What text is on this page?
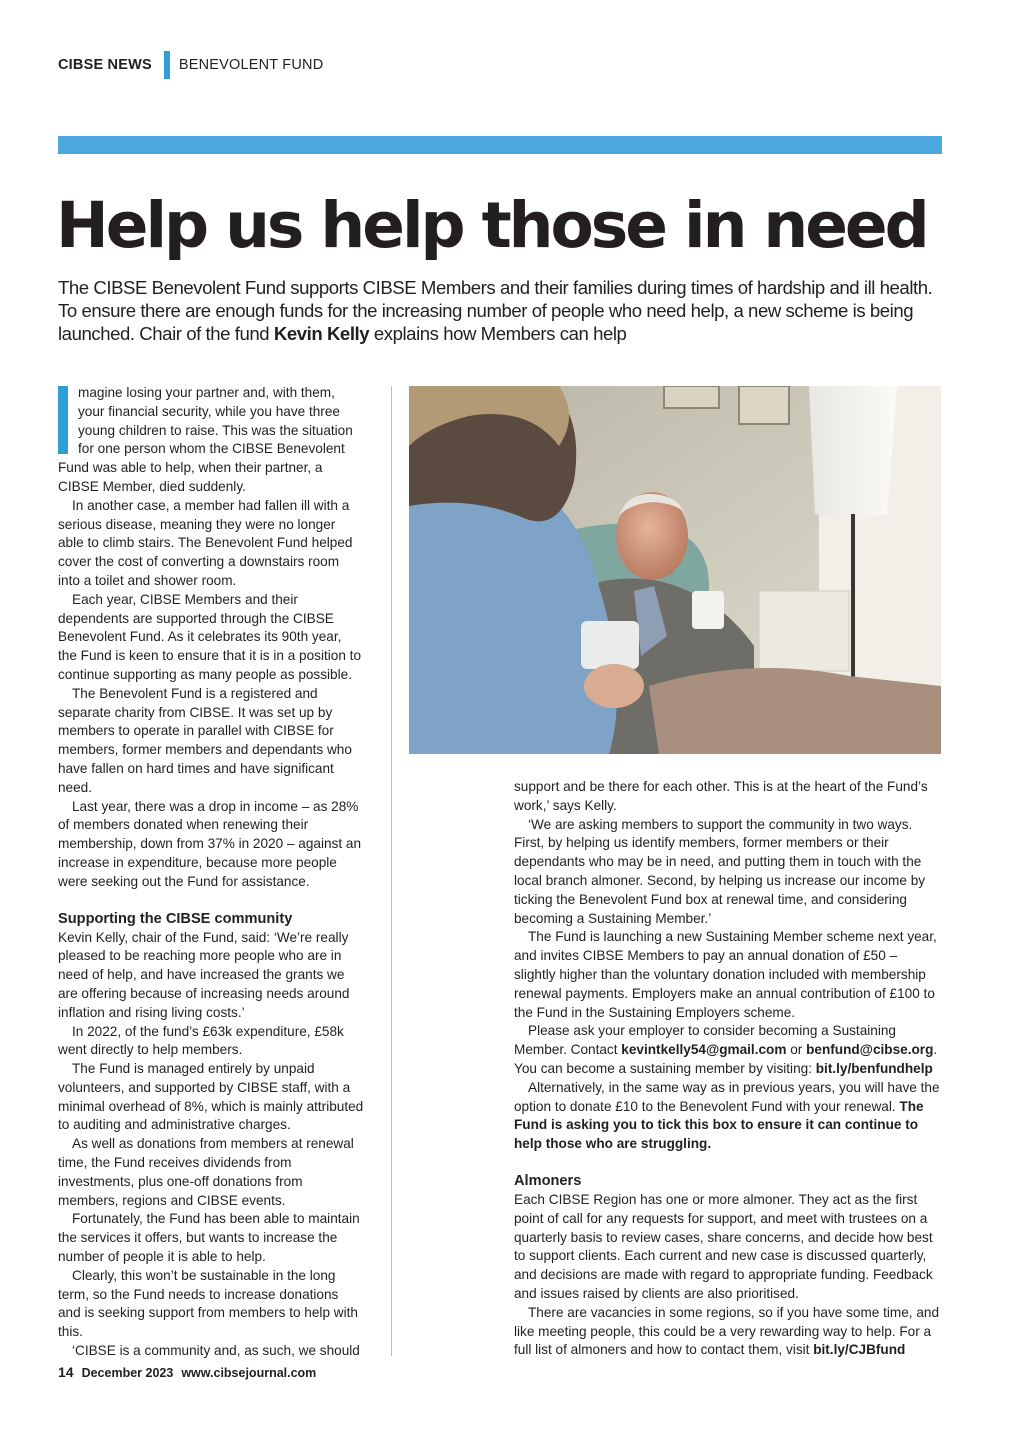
CIBSE NEWS BENEVOLENT FUND
Help us help those in need

The CIBSE Benevolent Fund supports CIBSE Members and their families during times of hardship and ill health. To ensure there are enough funds for the increasing number of people who need help, a new scheme is being launched. Chair of the fund Kevin Kelly explains how Members can help

magine losing your partner and, with them, your financial security, while you have three young children to raise. This was the situation for one person whom the CIBSE Benevolent Fund was able to help, when their partner, a CIBSE Member, died suddenly.

In another case, a member had fallen ill with a serious disease, meaning they were no longer able to climb stairs. The Benevolent Fund helped cover the cost of converting a downstairs room into a toilet and shower room.

Each year, CIBSE Members and their dependents are supported through the CIBSE Benevolent Fund. As it celebrates its 90th year, the Fund is keen to ensure that it is in a position to continue supporting as many people as possible.

The Benevolent Fund is a registered and separate charity from CIBSE. It was set up by members to operate in parallel with CIBSE for members, former members and dependants who have fallen on hard times and have significant need.

Last year, there was a drop in income – as 28% of members donated when renewing their membership, down from 37% in 2020 – against an increase in expenditure, because more people were seeking out the Fund for assistance.

Supporting the CIBSE community

Kevin Kelly, chair of the Fund, said: ‘We’re really pleased to be reaching more people who are in need of help, and have increased the grants we are offering because of increasing needs around inflation and rising living costs.’

In 2022, of the fund’s £63k expenditure, £58k went directly to help members.

The Fund is managed entirely by unpaid volunteers, and supported by CIBSE staff, with a minimal overhead of 8%, which is mainly attributed to auditing and administrative charges.

As well as donations from members at renewal time, the Fund receives dividends from investments, plus one-off donations from members, regions and CIBSE events.

Fortunately, the Fund has been able to maintain the services it offers, but wants to increase the number of people it is able to help.

Clearly, this won’t be sustainable in the long term, so the Fund needs to increase donations and is seeking support from members to help with this.

‘CIBSE is a community and, as such, we should

support and be there for each other. This is at the heart of the Fund’s work,’ says Kelly.

‘We are asking members to support the community in two ways. First, by helping us identify members, former members or their dependants who may be in need, and putting them in touch with the local branch almoner. Second, by helping us increase our income by ticking the Benevolent Fund box at renewal time, and considering becoming a Sustaining Member.’

The Fund is launching a new Sustaining Member scheme next year, and invites CIBSE Members to pay an annual donation of £50 – slightly higher than the voluntary donation included with membership renewal payments. Employers make an annual contribution of £100 to the Fund in the Sustaining Employers scheme.

Please ask your employer to consider becoming a Sustaining Member. Contact kevintkelly54@gmail.com or benfund@cibse.org. You can become a sustaining member by visiting: bit.ly/benfundhelp

Alternatively, in the same way as in previous years, you will have the option to donate £10 to the Benevolent Fund with your renewal. The Fund is asking you to tick this box to ensure it can continue to help those who are struggling.

Almoners

Each CIBSE Region has one or more almoner. They act as the first point of call for any requests for support, and meet with trustees on a quarterly basis to review cases, share concerns, and decide how best to support clients. Each current and new case is discussed quarterly, and decisions are made with regard to appropriate funding. Feedback and issues raised by clients are also prioritised.

There are vacancies in some regions, so if you have some time, and like meeting people, this could be a very rewarding way to help. For a full list of almoners and how to contact them, visit bit.ly/CJBfund

14 December 2023 www.cibsejournal.com
